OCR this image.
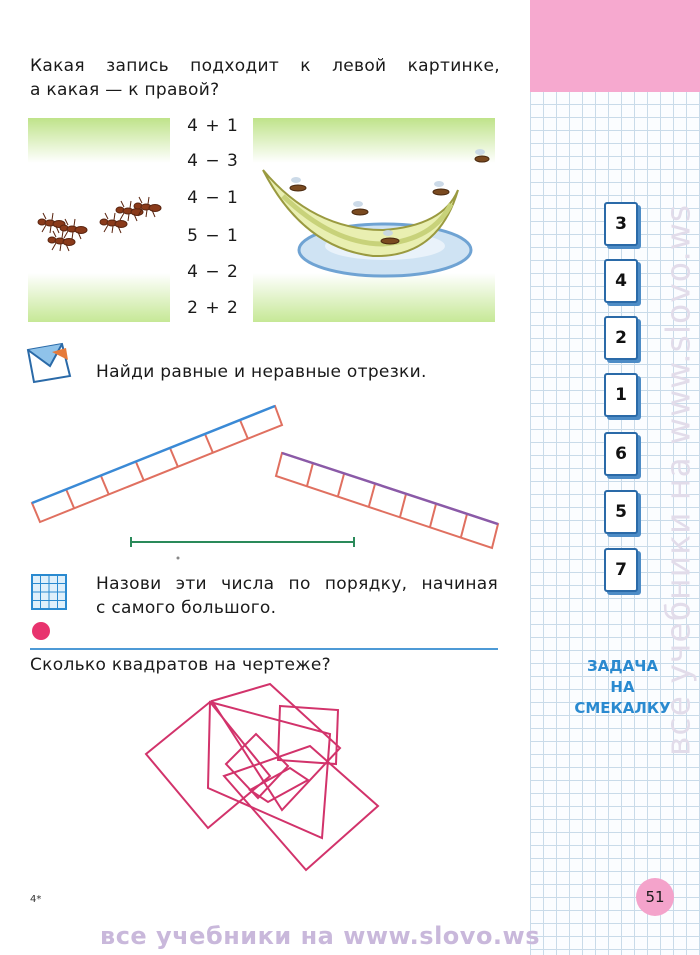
все учебники на www.slovo.ws
3
4
2
1
6
5
7
ЗАДАЧА
НА
СМЕКАЛКУ
Какая запись подходит к левой картинке,
а какая — к правой?
4 + 1
4 − 3
4 − 1
5 − 1
4 − 2
2 + 2
Найди равные и неравные отрезки.
Назови эти числа по порядку, начиная
с самого большого.
Сколько квадратов на чертеже?
4*	51
все учебники на www.slovo.ws
